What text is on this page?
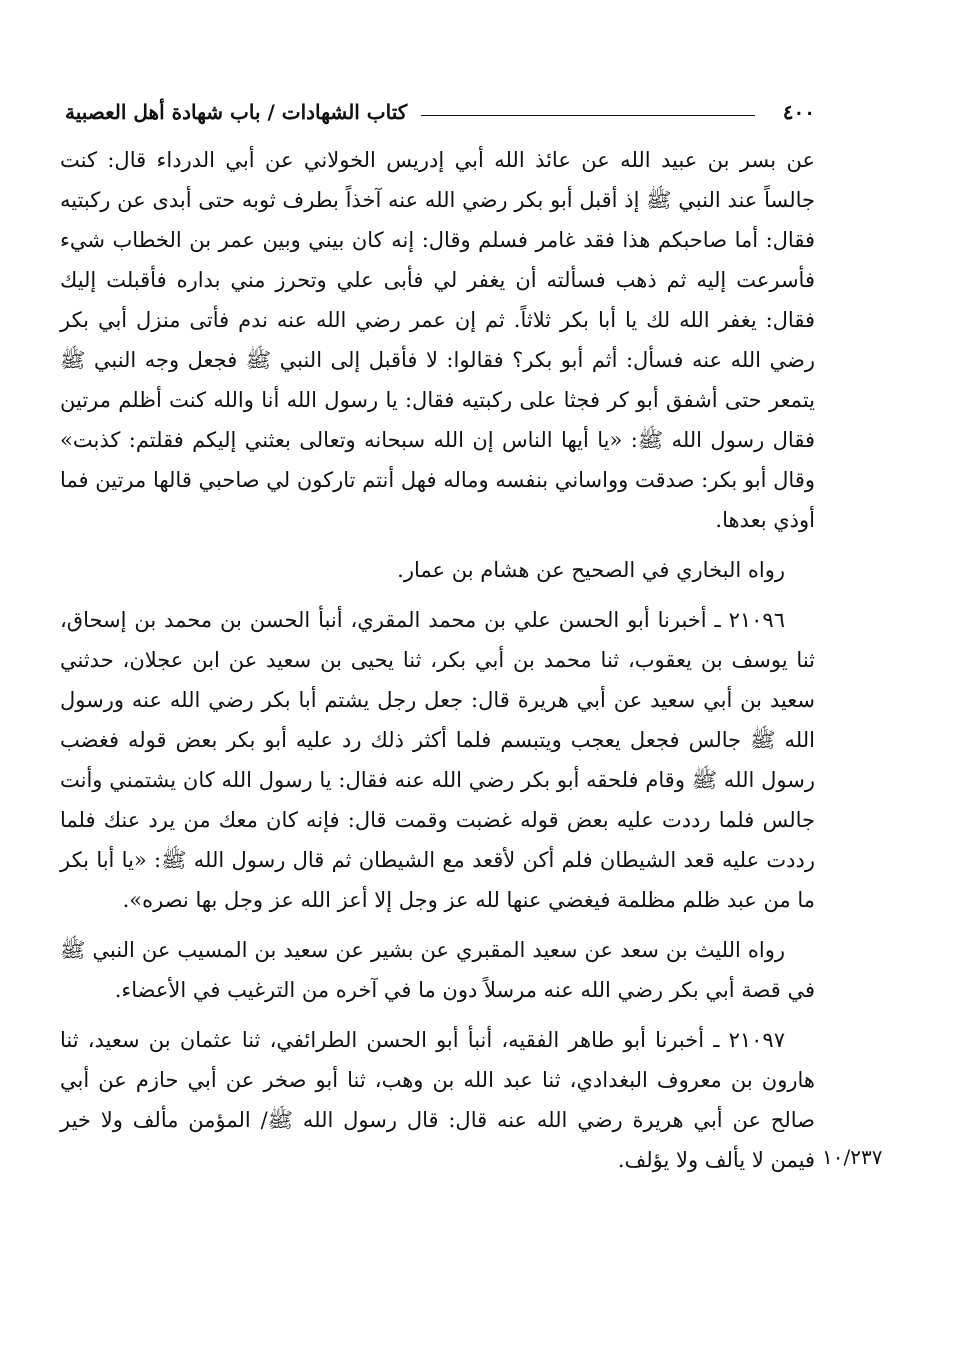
٤٠٠
كتاب الشهادات / باب شهادة أهل العصبية

عن بسر بن عبيد الله عن عائذ الله أبي إدريس الخولاني عن أبي الدرداء قال: كنت جالساً عند النبي ﷺ إذ أقبل أبو بكر رضي الله عنه آخذاً بطرف ثوبه حتى أبدى عن ركبتيه فقال: أما صاحبكم هذا فقد غامر فسلم وقال: إنه كان بيني وبين عمر بن الخطاب شيء فأسرعت إليه ثم ذهب فسألته أن يغفر لي فأبى علي وتحرز مني بداره فأقبلت إليك فقال: يغفر الله لك يا أبا بكر ثلاثاً. ثم إن عمر رضي الله عنه ندم فأتى منزل أبي بكر رضي الله عنه فسأل: أثم أبو بكر؟ فقالوا: لا فأقبل إلى النبي ﷺ فجعل وجه النبي ﷺ يتمعر حتى أشفق أبو كر فجثا على ركبتيه فقال: يا رسول الله أنا والله كنت أظلم مرتين فقال رسول الله ﷺ: «يا أيها الناس إن الله سبحانه وتعالى بعثني إليكم فقلتم: كذبت» وقال أبو بكر: صدقت وواساني بنفسه وماله فهل أنتم تاركون لي صاحبي قالها مرتين فما أوذي بعدها.

رواه البخاري في الصحيح عن هشام بن عمار.

٢١٠٩٦ ـ أخبرنا أبو الحسن علي بن محمد المقري، أنبأ الحسن بن محمد بن إسحاق، ثنا يوسف بن يعقوب، ثنا محمد بن أبي بكر، ثنا يحيى بن سعيد عن ابن عجلان، حدثني سعيد بن أبي سعيد عن أبي هريرة قال: جعل رجل يشتم أبا بكر رضي الله عنه ورسول الله ﷺ جالس فجعل يعجب ويتبسم فلما أكثر ذلك رد عليه أبو بكر بعض قوله فغضب رسول الله ﷺ وقام فلحقه أبو بكر رضي الله عنه فقال: يا رسول الله كان يشتمني وأنت جالس فلما رددت عليه بعض قوله غضبت وقمت قال: فإنه كان معك من يرد عنك فلما رددت عليه قعد الشيطان فلم أكن لأقعد مع الشيطان ثم قال رسول الله ﷺ: «يا أبا بكر ما من عبد ظلم مظلمة فيغضي عنها لله عز وجل إلا أعز الله عز وجل بها نصره».

رواه الليث بن سعد عن سعيد المقبري عن بشير عن سعيد بن المسيب عن النبي ﷺ في قصة أبي بكر رضي الله عنه مرسلاً دون ما في آخره من الترغيب في الأعضاء.

٢١٠٩٧ ـ أخبرنا أبو طاهر الفقيه، أنبأ أبو الحسن الطرائفي، ثنا عثمان بن سعيد، ثنا هارون بن معروف البغدادي، ثنا عبد الله بن وهب، ثنا أبو صخر عن أبي حازم عن أبي صالح عن أبي هريرة رضي الله عنه قال: قال رسول الله ﷺ/ المؤمن مألف ولا خير فيمن لا يألف ولا يؤلف. ١٠/٢٣٧
